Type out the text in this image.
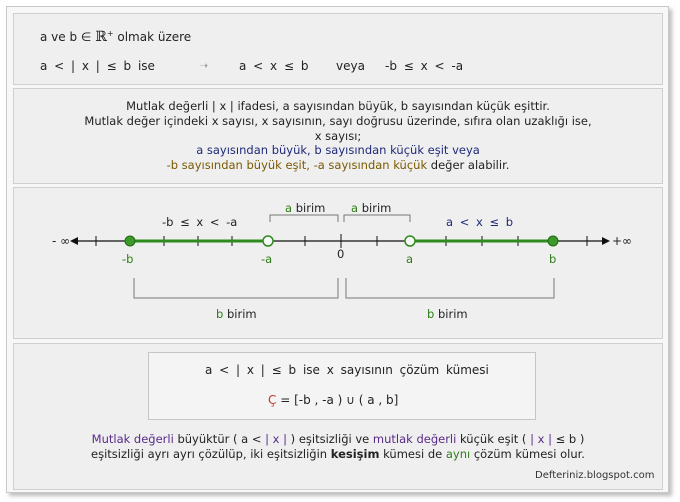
a ve b ∈ ℝ+ olmak üzere
a < | x | ≤ b ise	➝	a < x ≤ b veya -b ≤ x < -a
Mutlak değerli | x | ifadesi, a sayısından büyük, b sayısından küçük eşittir.
Mutlak değer içindeki x sayısı, x sayısının, sayı doğrusu üzerinde, sıfıra olan uzaklığı ise,
x sayısı;
a sayısından büyük, b sayısından küçük eşit veya
-b sayısından büyük eşit, -a sayısından küçük değer alabilir.
- ∞	+∞
-b ≤ x < -a	a < x ≤ b
a birim a birim
-b	-a	0	a	b
b birim	b birim
a < | x | ≤ b ise x sayısının çözüm kümesi
Ç = [-b , -a ) ∪ ( a , b]
Mutlak değerli büyüktür ( a < | x | ) eşitsizliği ve mutlak değerli küçük eşit ( | x | ≤ b )
eşitsizliği ayrı ayrı çözülüp, iki eşitsizliğin kesişim kümesi de aynı çözüm kümesi olur.
Defteriniz.blogspot.com
